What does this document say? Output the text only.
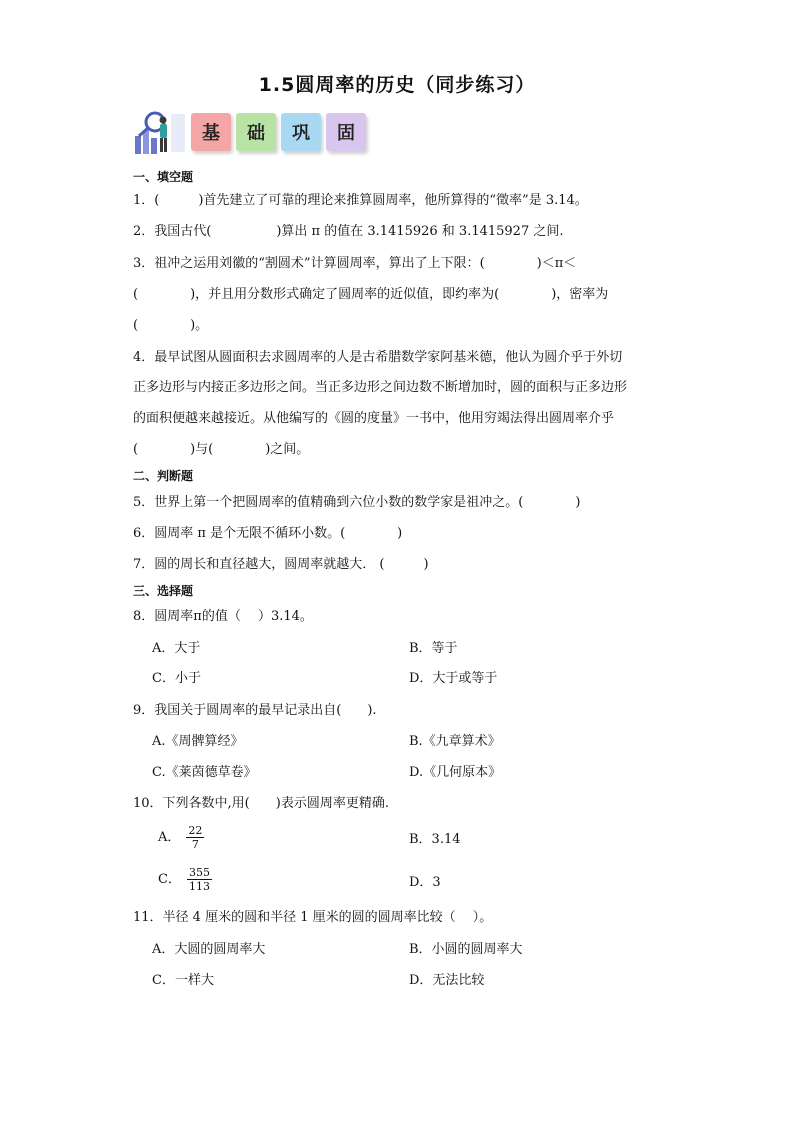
1.5圆周率的历史（同步练习）
基	础	巩	固
一、填空题
1．(　　　)首先建立了可靠的理论来推算圆周率，他所算得的“徵率”是 3.14。
2．我国古代(　　　　　)算出 π 的值在 3.1415926 和 3.1415927 之间.
3．祖冲之运用刘徽的“割圆术”计算圆周率，算出了上下限：(　　　　)＜π＜
(　　　　)，并且用分数形式确定了圆周率的近似值，即约率为(　　　　)，密率为
(　　　　)。
4．最早试图从圆面积去求圆周率的人是古希腊数学家阿基米德，他认为圆介乎于外切
正多边形与内接正多边形之间。当正多边形之间边数不断增加时，圆的面积与正多边形
的面积便越来越接近。从他编写的《圆的度量》一书中，他用穷竭法得出圆周率介乎
(　　　　)与(　　　　)之间。
二、判断题
5．世界上第一个把圆周率的值精确到六位小数的数学家是祖冲之。(　　　　)
6．圆周率 π 是个无限不循环小数。(　　　　)
7．圆的周长和直径越大，圆周率就越大． (　　　)
三、选择题
8．圆周率π的值（　 ）3.14。
A．大于	B．等于
C．小于	D．大于或等于
9．我国关于圆周率的最早记录出自(　　).
A.《周髀算经》	B.《九章算术》
C.《莱茵德草卷》	D.《几何原本》
10．下列各数中,用(　　)表示圆周率更精确.
A． $\frac{22}{7}$	B．3.14
C． $\frac{355}{113}$	D．3
11．半径 4 厘米的圆和半径 1 厘米的圆的圆周率比较（　 ）。
A．大圆的圆周率大	B．小圆的圆周率大
C．一样大	D．无法比较
